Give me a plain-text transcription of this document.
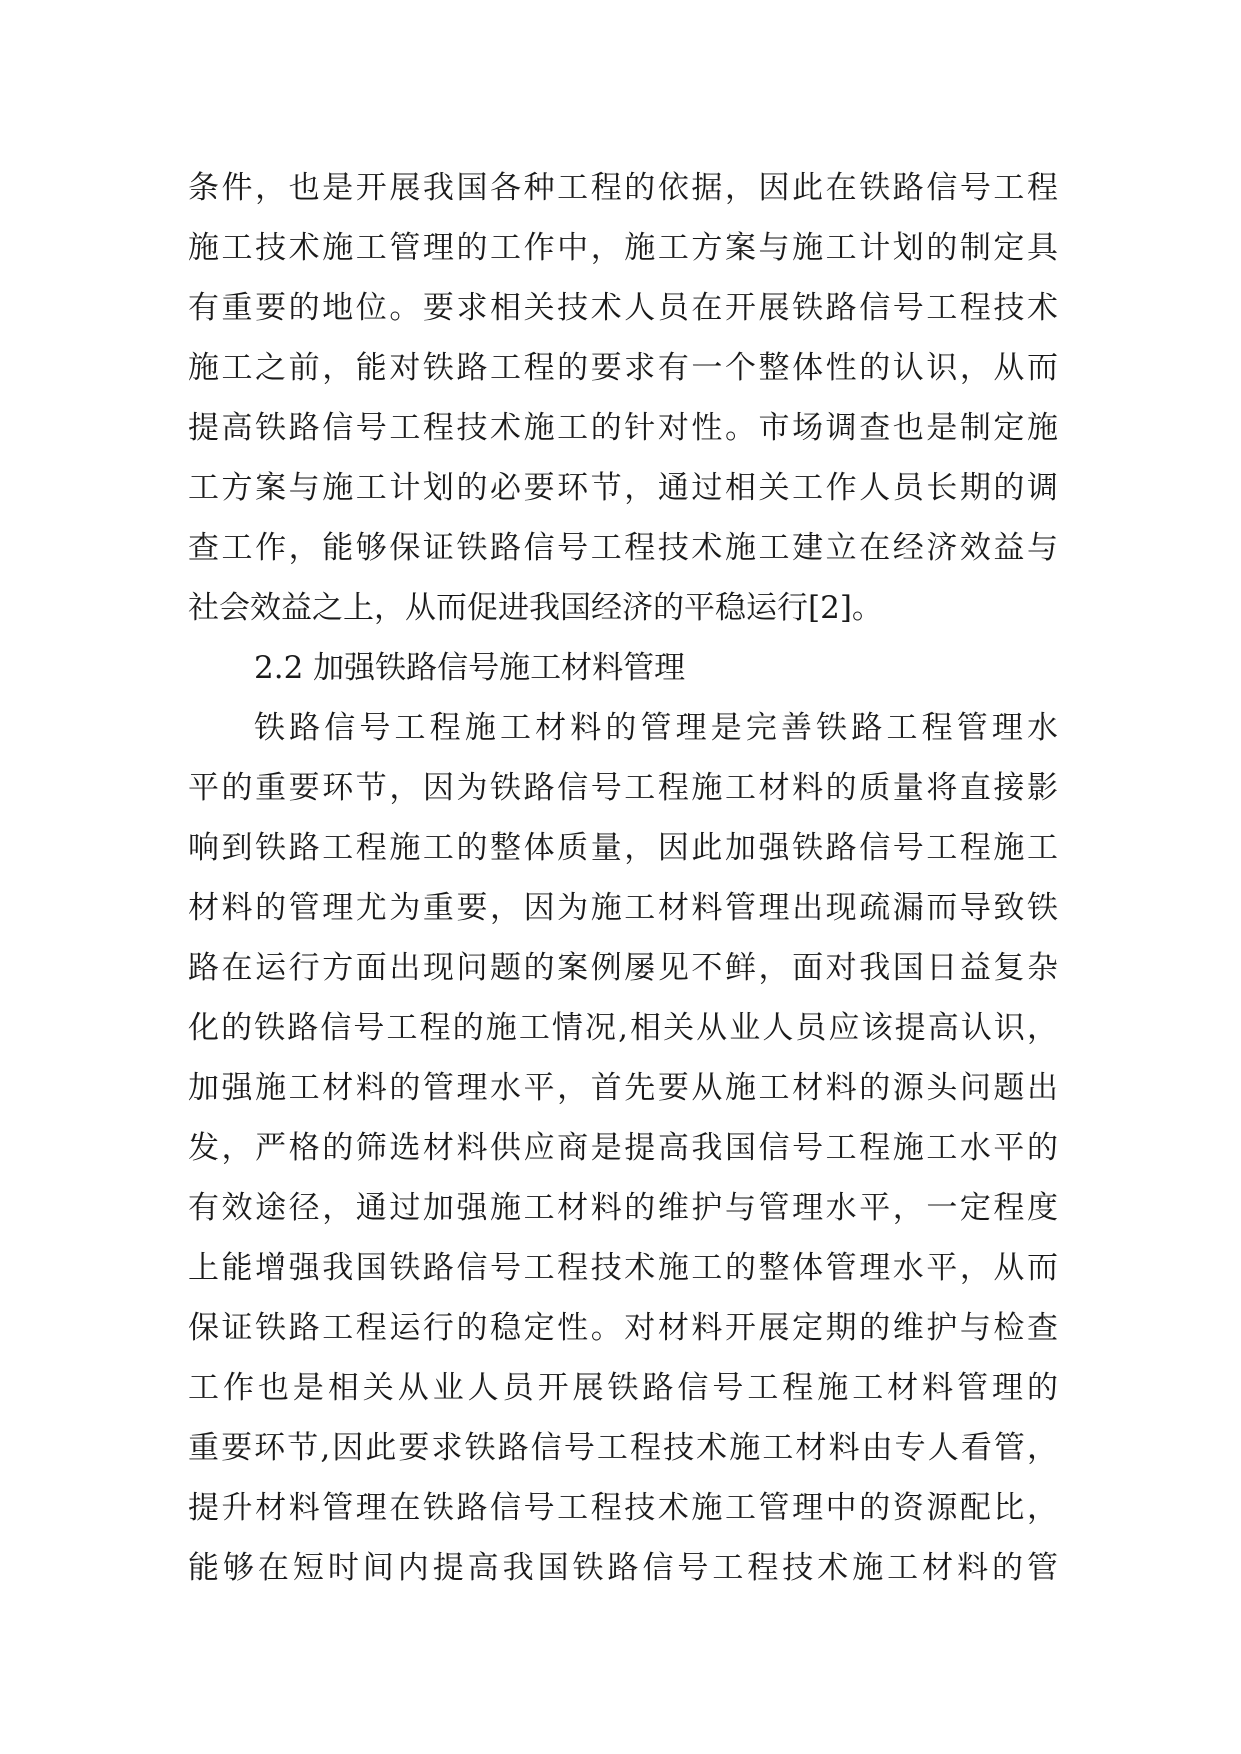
条件，也是开展我国各种工程的依据，因此在铁路信号工程
施工技术施工管理的工作中，施工方案与施工计划的制定具
有重要的地位。要求相关技术人员在开展铁路信号工程技术
施工之前，能对铁路工程的要求有一个整体性的认识，从而
提高铁路信号工程技术施工的针对性。市场调查也是制定施
工方案与施工计划的必要环节，通过相关工作人员长期的调
查工作，能够保证铁路信号工程技术施工建立在经济效益与
社会效益之上，从而促进我国经济的平稳运行[2]。
2.2 加强铁路信号施工材料管理
铁路信号工程施工材料的管理是完善铁路工程管理水
平的重要环节，因为铁路信号工程施工材料的质量将直接影
响到铁路工程施工的整体质量，因此加强铁路信号工程施工
材料的管理尤为重要，因为施工材料管理出现疏漏而导致铁
路在运行方面出现问题的案例屡见不鲜，面对我国日益复杂
化的铁路信号工程的施工情况,相关从业人员应该提高认识，
加强施工材料的管理水平，首先要从施工材料的源头问题出
发，严格的筛选材料供应商是提高我国信号工程施工水平的
有效途径，通过加强施工材料的维护与管理水平，一定程度
上能增强我国铁路信号工程技术施工的整体管理水平，从而
保证铁路工程运行的稳定性。对材料开展定期的维护与检查
工作也是相关从业人员开展铁路信号工程施工材料管理的
重要环节,因此要求铁路信号工程技术施工材料由专人看管，
提升材料管理在铁路信号工程技术施工管理中的资源配比，
能够在短时间内提高我国铁路信号工程技术施工材料的管
